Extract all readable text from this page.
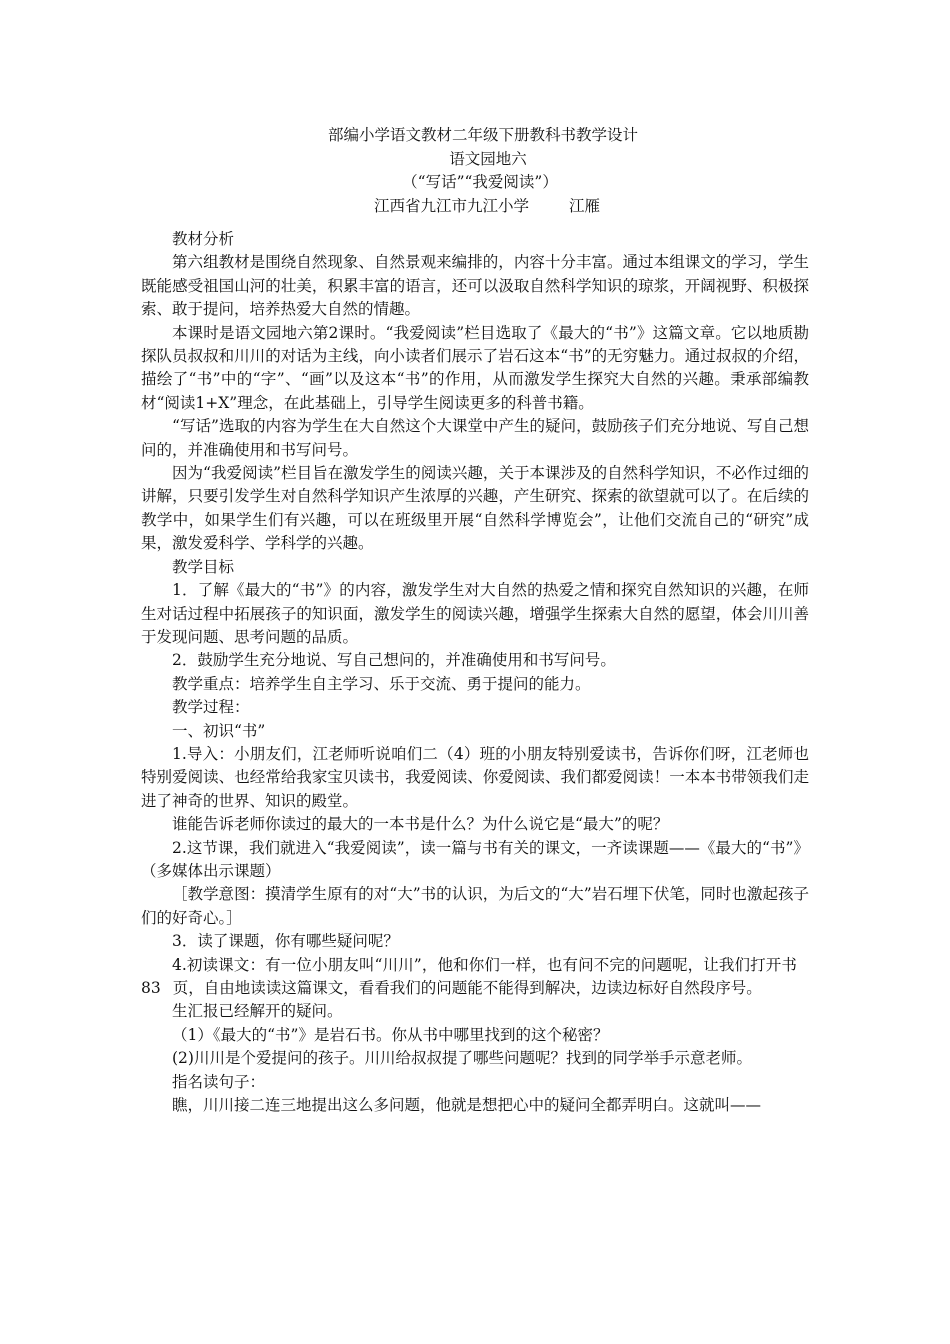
部编小学语文教材二年级下册教科书教学设计
语文园地六
（“写话”“我爱阅读”）
江西省九江市九江小学	江雁

教材分析

第六组教材是围绕自然现象、自然景观来编排的，内容十分丰富。通过本组课文的学习，学生既能感受祖国山河的壮美，积累丰富的语言，还可以汲取自然科学知识的琼浆，开阔视野、积极探索、敢于提问，培养热爱大自然的情趣。

本课时是语文园地六第2课时。“我爱阅读”栏目选取了《最大的“书”》这篇文章。它以地质勘探队员叔叔和川川的对话为主线，向小读者们展示了岩石这本“书”的无穷魅力。通过叔叔的介绍，描绘了“书”中的“字”、“画”以及这本“书”的作用，从而激发学生探究大自然的兴趣。秉承部编教材“阅读1+X”理念，在此基础上，引导学生阅读更多的科普书籍。

“写话”选取的内容为学生在大自然这个大课堂中产生的疑问，鼓励孩子们充分地说、写自己想问的，并准确使用和书写问号。

因为“我爱阅读”栏目旨在激发学生的阅读兴趣，关于本课涉及的自然科学知识，不必作过细的讲解，只要引发学生对自然科学知识产生浓厚的兴趣，产生研究、探索的欲望就可以了。在后续的教学中，如果学生们有兴趣，可以在班级里开展“自然科学博览会”，让他们交流自己的“研究”成果，激发爱科学、学科学的兴趣。

教学目标

1．了解《最大的“书”》的内容，激发学生对大自然的热爱之情和探究自然知识的兴趣，在师生对话过程中拓展孩子的知识面，激发学生的阅读兴趣，增强学生探索大自然的愿望，体会川川善于发现问题、思考问题的品质。

2．鼓励学生充分地说、写自己想问的，并准确使用和书写问号。

教学重点：培养学生自主学习、乐于交流、勇于提问的能力。

教学过程：

一、初识“书”

1.导入：小朋友们，江老师听说咱们二（4）班的小朋友特别爱读书，告诉你们呀，江老师也特别爱阅读、也经常给我家宝贝读书，我爱阅读、你爱阅读、我们都爱阅读！一本本书带领我们走进了神奇的世界、知识的殿堂。

谁能告诉老师你读过的最大的一本书是什么？为什么说它是“最大”的呢？

2.这节课，我们就进入“我爱阅读”，读一篇与书有关的课文，一齐读课题——《最大的“书”》（多媒体出示课题）

［教学意图：摸清学生原有的对“大”书的认识，为后文的“大”岩石埋下伏笔，同时也激起孩子们的好奇心。］

3．读了课题，你有哪些疑问呢？

4.初读课文：有一位小朋友叫“川川”，他和你们一样，也有问不完的问题呢，让我们打开书83 页，自由地读读这篇课文，看看我们的问题能不能得到解决，边读边标好自然段序号。

生汇报已经解开的疑问。

（1）《最大的“书”》是岩石书。你从书中哪里找到的这个秘密？

(2)川川是个爱提问的孩子。川川给叔叔提了哪些问题呢？找到的同学举手示意老师。

指名读句子：

瞧，川川接二连三地提出这么多问题，他就是想把心中的疑问全都弄明白。这就叫——
